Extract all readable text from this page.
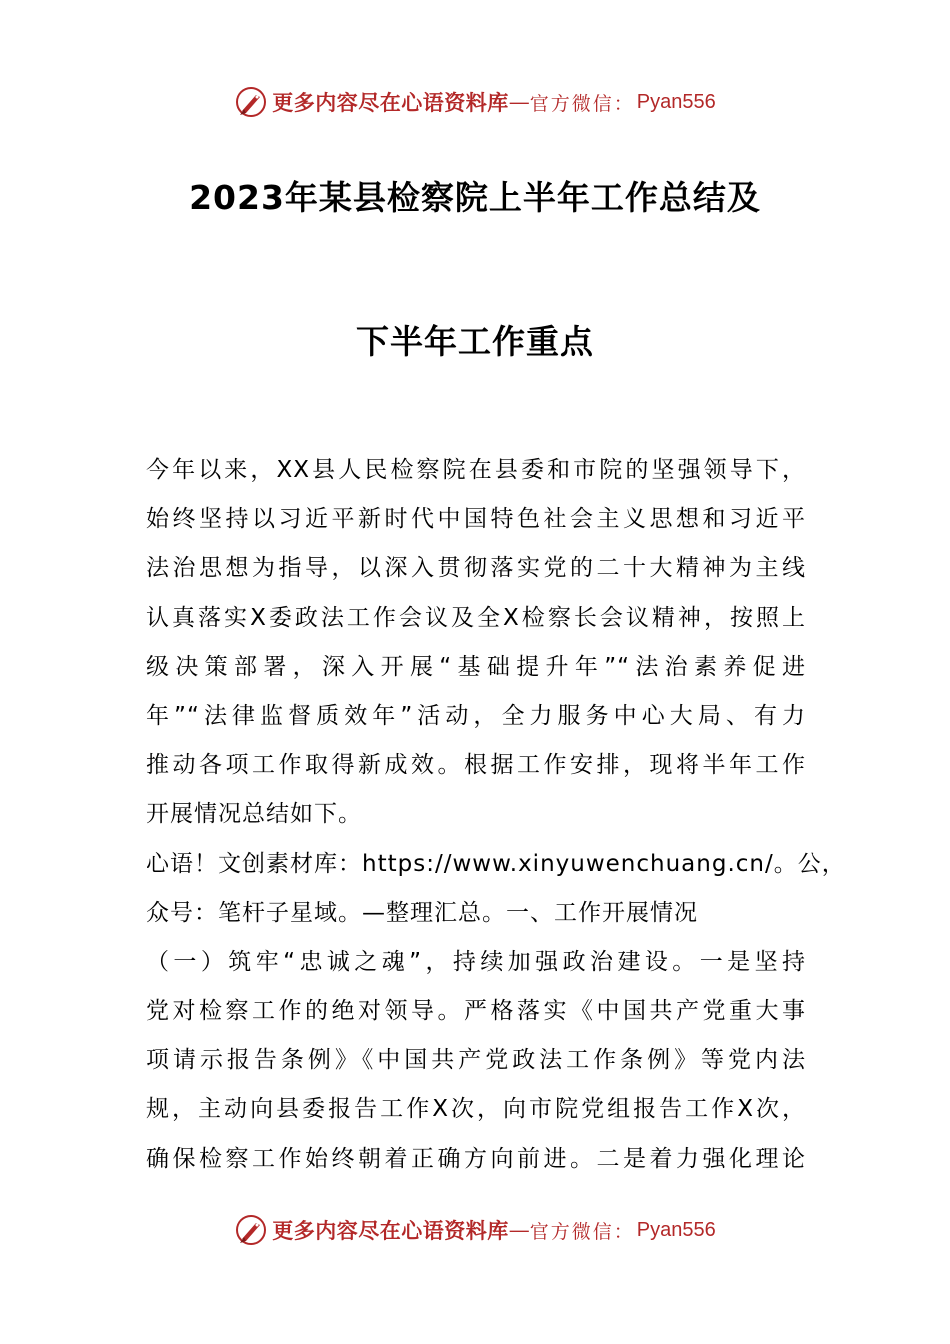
更多内容尽在心语资料库 — 官方微信： Pyan556
2023年某县检察院上半年工作总结及
下半年工作重点
今年以来，XX县人民检察院在县委和市院的坚强领导下，
始终坚持以习近平新时代中国特色社会主义思想和习近平
法治思想为指导，以深入贯彻落实党的二十大精神为主线
认真落实X委政法工作会议及全X检察长会议精神，按照上
级决策部署，深入开展“基础提升年”“法治素养促进
年”“法律监督质效年”活动，全力服务中心大局、有力
推动各项工作取得新成效。根据工作安排，现将半年工作
开展情况总结如下。
心语！文创素材库：https://www.xinyuwenchuang.cn/。公，
众号：笔杆子星域。—整理汇总。一、工作开展情况
（一）筑牢“忠诚之魂”，持续加强政治建设。一是坚持
党对检察工作的绝对领导。严格落实《中国共产党重大事
项请示报告条例》《中国共产党政法工作条例》等党内法
规，主动向县委报告工作X次，向市院党组报告工作X次，
确保检察工作始终朝着正确方向前进。二是着力强化理论
更多内容尽在心语资料库 — 官方微信： Pyan556
